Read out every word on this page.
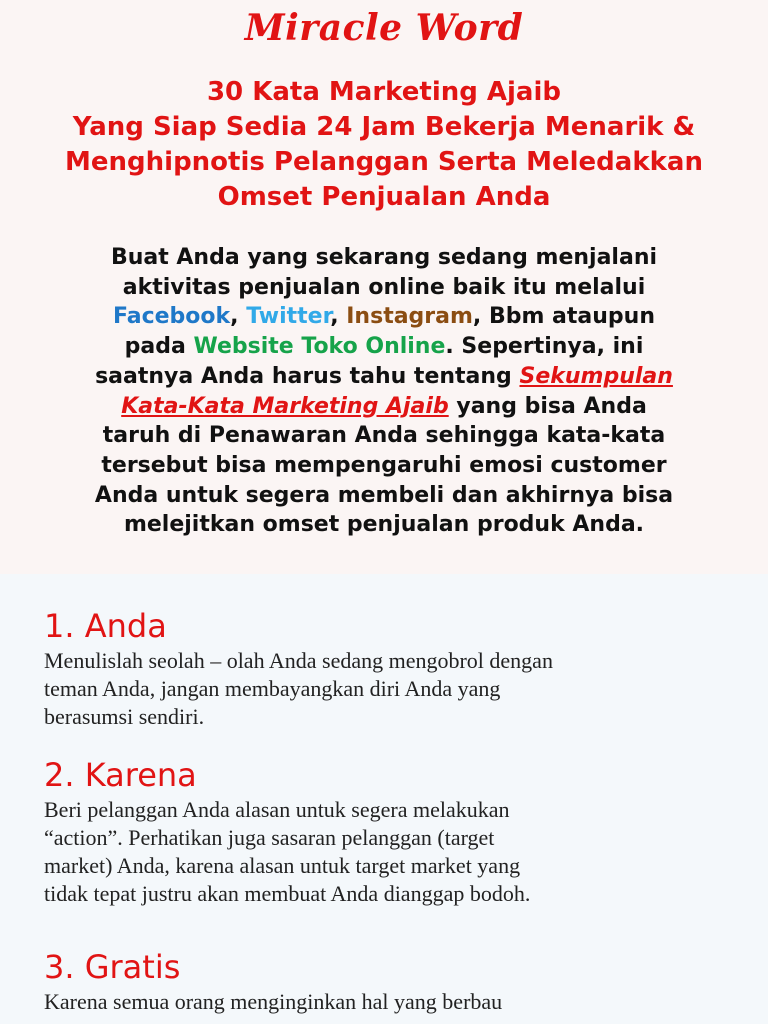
Miracle Word
30 Kata Marketing Ajaib
Yang Siap Sedia 24 Jam Bekerja Menarik &
Menghipnotis Pelanggan Serta Meledakkan
Omset Penjualan Anda
Buat Anda yang sekarang sedang menjalani
aktivitas penjualan online baik itu melalui
Facebook, Twitter, Instagram, Bbm ataupun
pada Website Toko Online. Sepertinya, ini
saatnya Anda harus tahu tentang Sekumpulan
Kata-Kata Marketing Ajaib yang bisa Anda
taruh di Penawaran Anda sehingga kata-kata
tersebut bisa mempengaruhi emosi customer
Anda untuk segera membeli dan akhirnya bisa
melejitkan omset penjualan produk Anda.
1. Anda
Menulislah seolah – olah Anda sedang mengobrol dengan
teman Anda, jangan membayangkan diri Anda yang
berasumsi sendiri.
2. Karena
Beri pelanggan Anda alasan untuk segera melakukan
“action”. Perhatikan juga sasaran pelanggan (target
market) Anda, karena alasan untuk target market yang
tidak tepat justru akan membuat Anda dianggap bodoh.
3. Gratis
Karena semua orang menginginkan hal yang berbau
